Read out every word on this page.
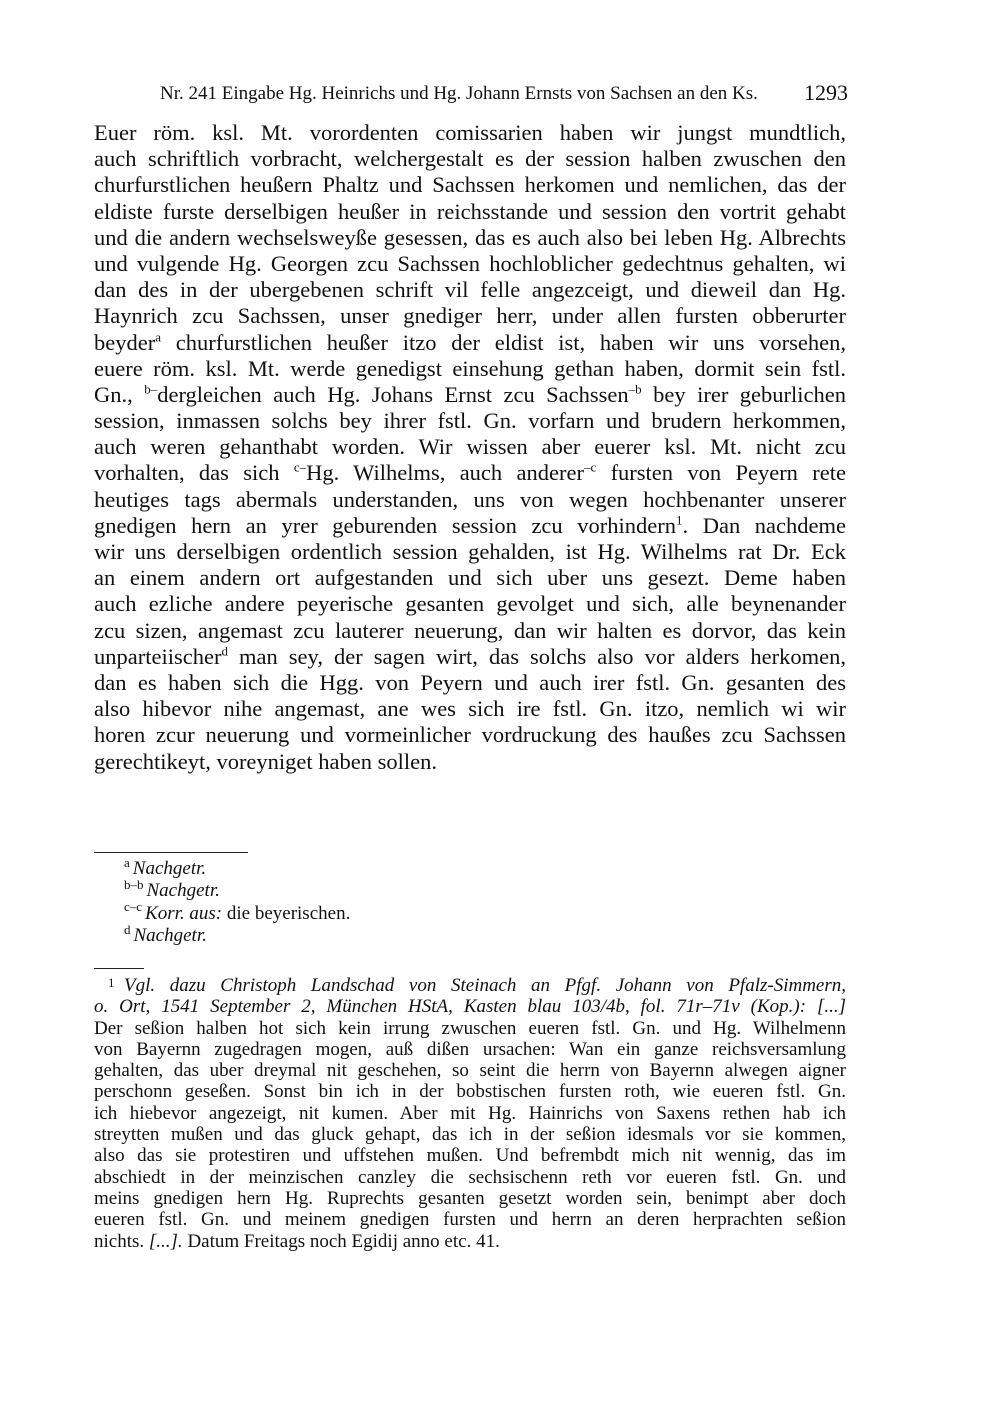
Nr. 241 Eingabe Hg. Heinrichs und Hg. Johann Ernsts von Sachsen an den Ks. 1293
Euer röm. ksl. Mt. vorordenten comissarien haben wir jungst mundtlich,
auch schriftlich vorbracht, welchergestalt es der session halben zwuschen den
churfurstlichen heußern Phaltz und Sachssen herkomen und nemlichen, das der
eldiste furste derselbigen heußer in reichsstande und session den vortrit gehabt
und die andern wechselsweyße gesessen, das es auch also bei leben Hg. Albrechts
und vulgende Hg. Georgen zcu Sachssen hochloblicher gedechtnus gehalten, wi
dan des in der ubergebenen schrift vil felle angezceigt, und dieweil dan Hg.
Haynrich zcu Sachssen, unser gnediger herr, under allen fursten obberurter
beyder$^a$ churfurstlichen heußer itzo der eldist ist, haben wir uns vorsehen,
euere röm. ksl. Mt. werde genedigst einsehung gethan haben, dormit sein fstl.
Gn., $^{b-}$dergleichen auch Hg. Johans Ernst zcu Sachssen$^{-b}$ bey irer geburlichen
session, inmassen solchs bey ihrer fstl. Gn. vorfarn und brudern herkommen,
auch weren gehanthabt worden. Wir wissen aber euerer ksl. Mt. nicht zcu
vorhalten, das sich $^{c-}$Hg. Wilhelms, auch anderer$^{-c}$ fursten von Peyern rete
heutiges tags abermals understanden, uns von wegen hochbenanter unserer
gnedigen hern an yrer geburenden session zcu vorhindern$^1$. Dan nachdeme
wir uns derselbigen ordentlich session gehalden, ist Hg. Wilhelms rat Dr. Eck
an einem andern ort aufgestanden und sich uber uns gesezt. Deme haben
auch ezliche andere peyerische gesanten gevolget und sich, alle beynenander
zcu sizen, angemast zcu lauterer neuerung, dan wir halten es dorvor, das kein
unparteiischer$^d$ man sey, der sagen wirt, das solchs also vor alders herkomen,
dan es haben sich die Hgg. von Peyern und auch irer fstl. Gn. gesanten des
also hibevor nihe angemast, ane wes sich ire fstl. Gn. itzo, nemlich wi wir
horen zcur neuerung und vormeinlicher vordruckung des haußes zcu Sachssen
gerechtikeyt, voreyniget haben sollen.
$^a$ Nachgetr.
$^{b-b}$ Nachgetr.
$^{c-c}$ Korr. aus: die beyerischen.
$^d$ Nachgetr.
1 Vgl. dazu Christoph Landschad von Steinach an Pfgf. Johann von Pfalz-Simmern,
o. Ort, 1541 September 2, München HStA, Kasten blau 103/4b, fol. 71r–71v (Kop.): [...]
Der seßion halben hot sich kein irrung zwuschen eueren fstl. Gn. und Hg. Wilhelmenn
von Bayernn zugedragen mogen, auß dißen ursachen: Wan ein ganze reichsversamlung
gehalten, das uber dreymal nit geschehen, so seint die herrn von Bayernn alwegen aigner
perschonn geseßen. Sonst bin ich in der bobstischen fursten roth, wie eueren fstl. Gn.
ich hiebevor angezeigt, nit kumen. Aber mit Hg. Hainrichs von Saxens rethen hab ich
streytten mußen und das gluck gehapt, das ich in der seßion idesmals vor sie kommen,
also das sie protestiren und uffstehen mußen. Und befrembdt mich nit wennig, das im
abschiedt in der meinzischen canzley die sechsischenn reth vor eueren fstl. Gn. und
meins gnedigen hern Hg. Ruprechts gesanten gesetzt worden sein, benimpt aber doch
eueren fstl. Gn. und meinem gnedigen fursten und herrn an deren herprachten seßion
nichts. [...]. Datum Freitags noch Egidij anno etc. 41.
